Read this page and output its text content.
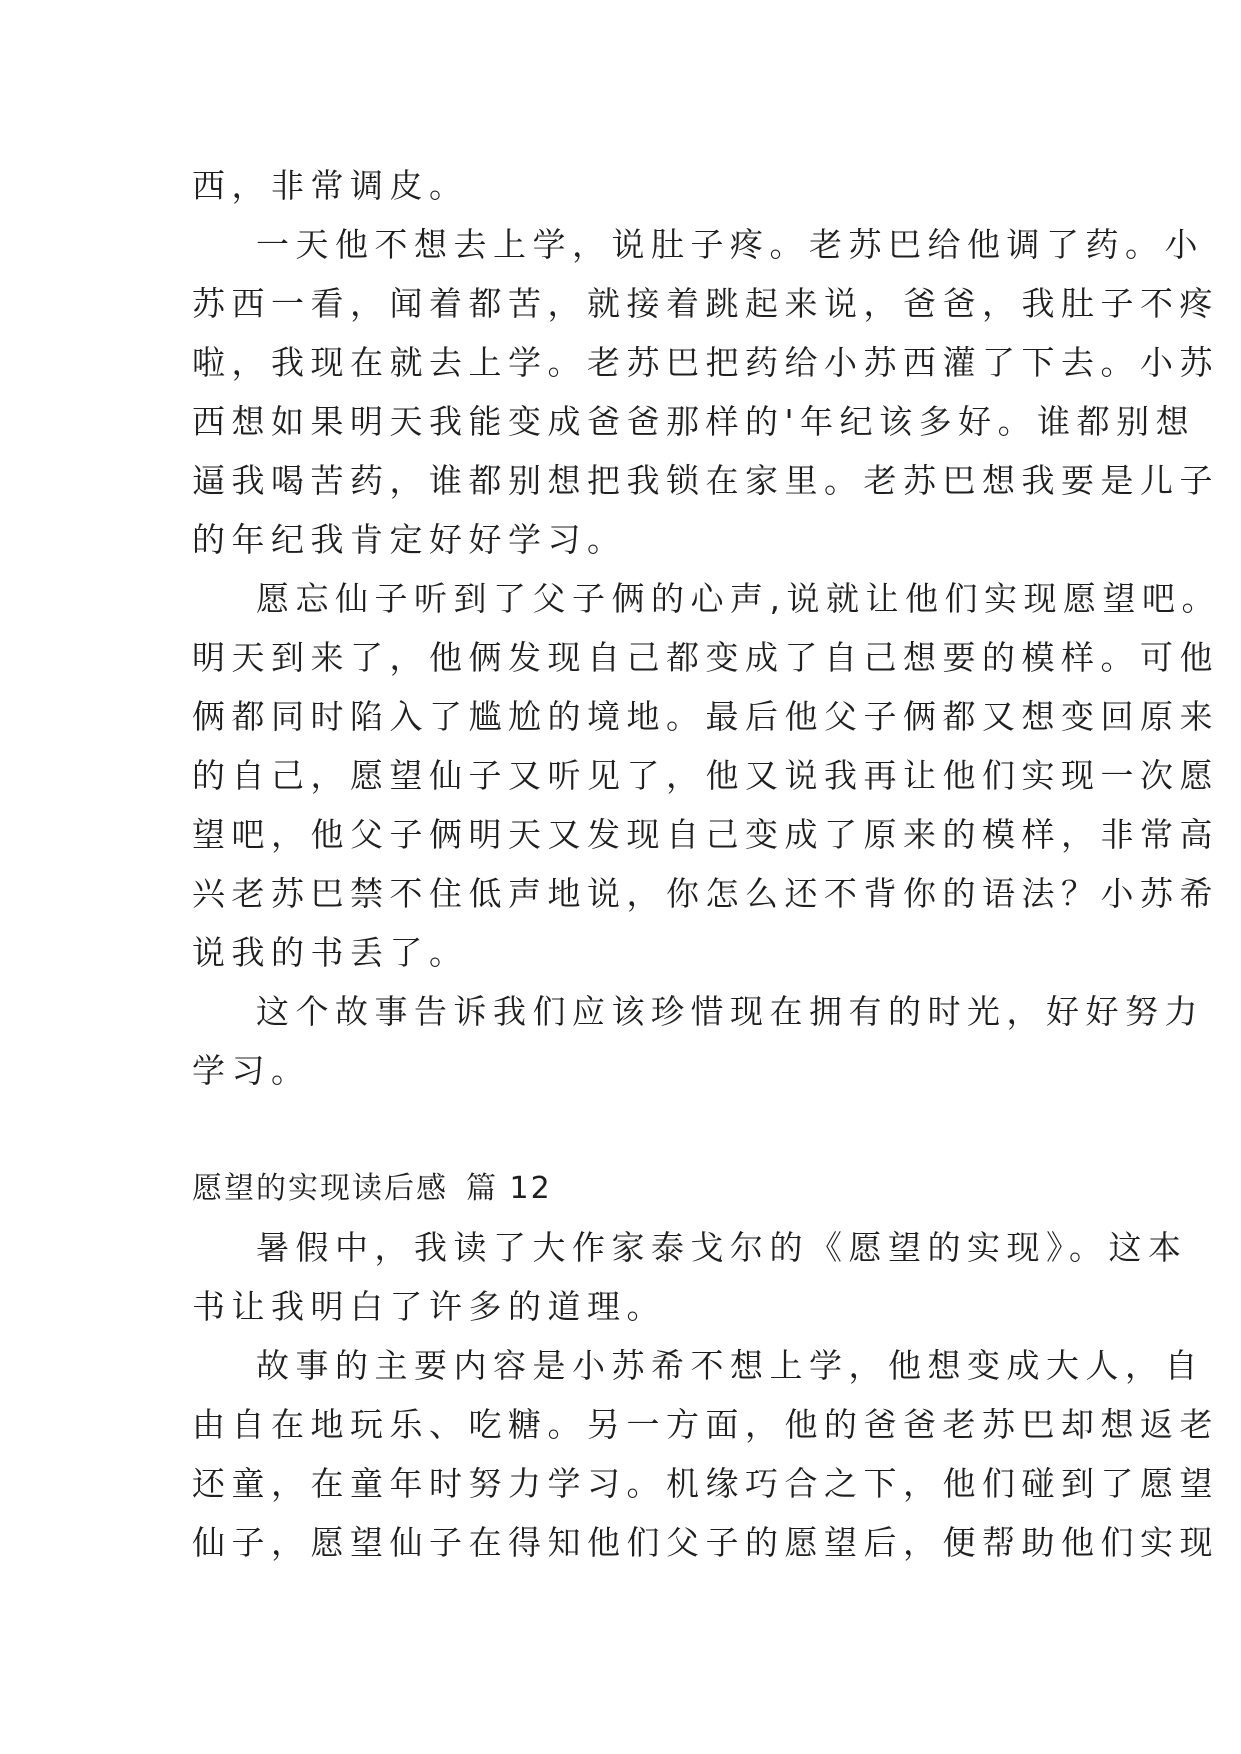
西，非常调皮。
一天他不想去上学，说肚子疼。老苏巴给他调了药。小
苏西一看，闻着都苦，就接着跳起来说，爸爸，我肚子不疼
啦，我现在就去上学。老苏巴把药给小苏西灌了下去。小苏
西想如果明天我能变成爸爸那样的'年纪该多好。谁都别想
逼我喝苦药，谁都别想把我锁在家里。老苏巴想我要是儿子
的年纪我肯定好好学习。
愿忘仙子听到了父子俩的心声,说就让他们实现愿望吧。
明天到来了，他俩发现自己都变成了自己想要的模样。可他
俩都同时陷入了尴尬的境地。最后他父子俩都又想变回原来
的自己，愿望仙子又听见了，他又说我再让他们实现一次愿
望吧，他父子俩明天又发现自己变成了原来的模样，非常高
兴老苏巴禁不住低声地说，你怎么还不背你的语法？小苏希
说我的书丢了。
这个故事告诉我们应该珍惜现在拥有的时光，好好努力
学习。
愿望的实现读后感 篇 12
暑假中，我读了大作家泰戈尔的《愿望的实现》。这本
书让我明白了许多的道理。
故事的主要内容是小苏希不想上学，他想变成大人，自
由自在地玩乐、吃糖。另一方面，他的爸爸老苏巴却想返老
还童，在童年时努力学习。机缘巧合之下，他们碰到了愿望
仙子，愿望仙子在得知他们父子的愿望后，便帮助他们实现
